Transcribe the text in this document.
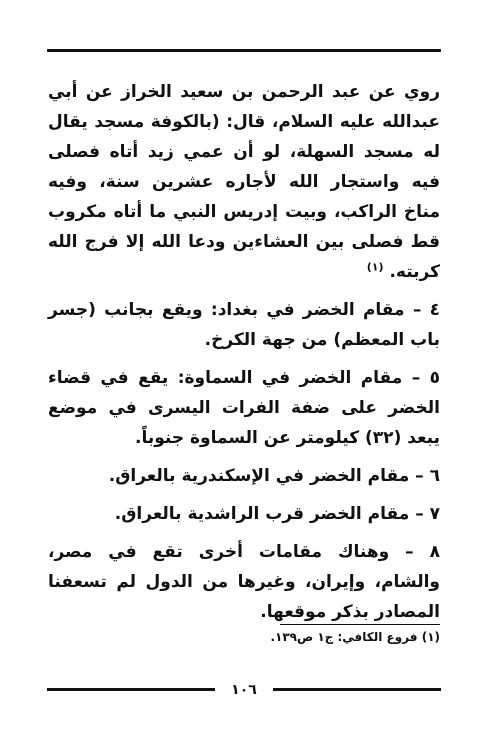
روي عن عبد الرحمن بن سعيد الخراز عن أبي عبدالله عليه السلام، قال: (بالكوفة مسجد يقال له مسجد السهلة، لو أن عمي زيد أتاه فصلى فيه واستجار الله لأجاره عشرين سنة، وفيه مناخ الراكب، وبيت إدريس النبي ما أتاه مكروب قط فصلى بين العشاءين ودعا الله إلا فرج الله كربته. $^{(١)}$

٤ – مقام الخضر في بغداد: ويقع بجانب (جسر باب المعظم) من جهة الكرخ.

٥ – مقام الخضر في السماوة: يقع في قضاء الخضر على ضفة الفرات اليسرى في موضع يبعد (٣٢) كيلومتر عن السماوة جنوباً.

٦ – مقام الخضر في الإسكندرية بالعراق.

٧ – مقام الخضر قرب الراشدية بالعراق.

٨ – وهناك مقامات أخرى تقع في مصر، والشام، وإيران، وغيرها من الدول لم تسعفنا المصادر بذكر موقعها.

(١) فروع الكافي: ج١ ص١٣٩.
١٠٦
